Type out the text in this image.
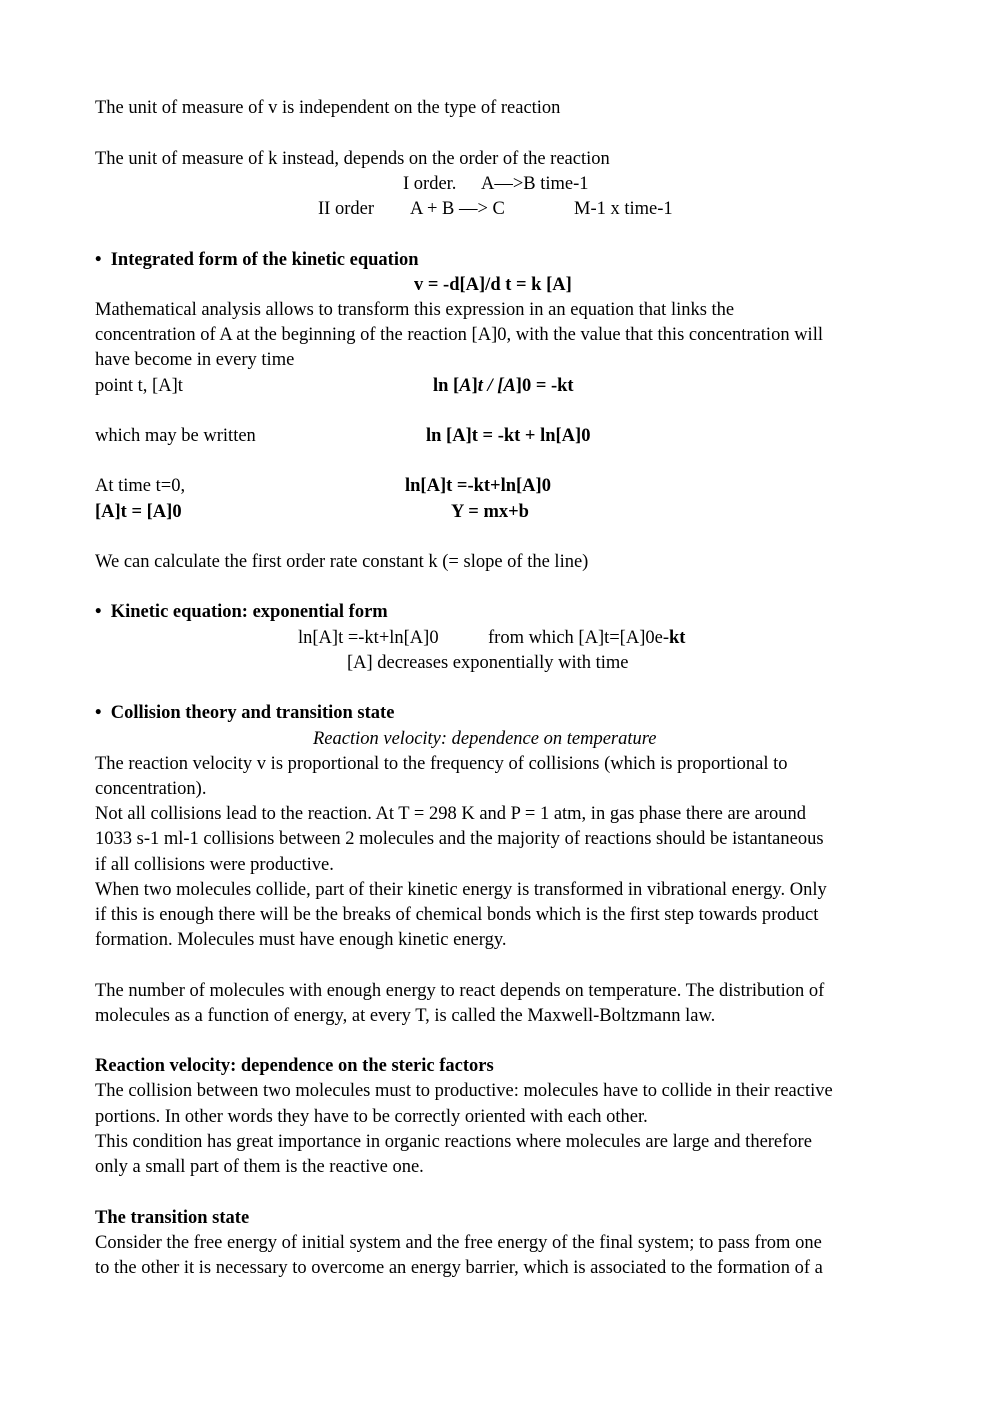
The unit of measure of v is independent on the type of reaction
The unit of measure of k instead, depends on the order of the reaction
I order. A—>B time-1
II order A + B —> C	M-1 x time-1
• Integrated form of the kinetic equation
v = -d[A]/d t = k [A]
Mathematical analysis allows to transform this expression in an equation that links the
concentration of A at the beginning of the reaction [A]0, with the value that this concentration will
have become in every time
point t, [A]t	ln [A]t / [A]0 = -kt
which may be written	ln [A]t = -kt + ln[A]0
At time t=0,	ln[A]t =-kt+ln[A]0
[A]t = [A]0	Y = mx+b
We can calculate the first order rate constant k (= slope of the line)
• Kinetic equation: exponential form
ln[A]t =-kt+ln[A]0	from which [A]t=[A]0e-kt
[A] decreases exponentially with time
• Collision theory and transition state
Reaction velocity: dependence on temperature
The reaction velocity v is proportional to the frequency of collisions (which is proportional to
concentration).
Not all collisions lead to the reaction. At T = 298 K and P = 1 atm, in gas phase there are around
1033 s-1 ml-1 collisions between 2 molecules and the majority of reactions should be istantaneous
if all collisions were productive.
When two molecules collide, part of their kinetic energy is transformed in vibrational energy. Only
if this is enough there will be the breaks of chemical bonds which is the first step towards product
formation. Molecules must have enough kinetic energy.
The number of molecules with enough energy to react depends on temperature. The distribution of
molecules as a function of energy, at every T, is called the Maxwell-Boltzmann law.
Reaction velocity: dependence on the steric factors
The collision between two molecules must to productive: molecules have to collide in their reactive
portions. In other words they have to be correctly oriented with each other.
This condition has great importance in organic reactions where molecules are large and therefore
only a small part of them is the reactive one.
The transition state
Consider the free energy of initial system and the free energy of the final system; to pass from one
to the other it is necessary to overcome an energy barrier, which is associated to the formation of a
